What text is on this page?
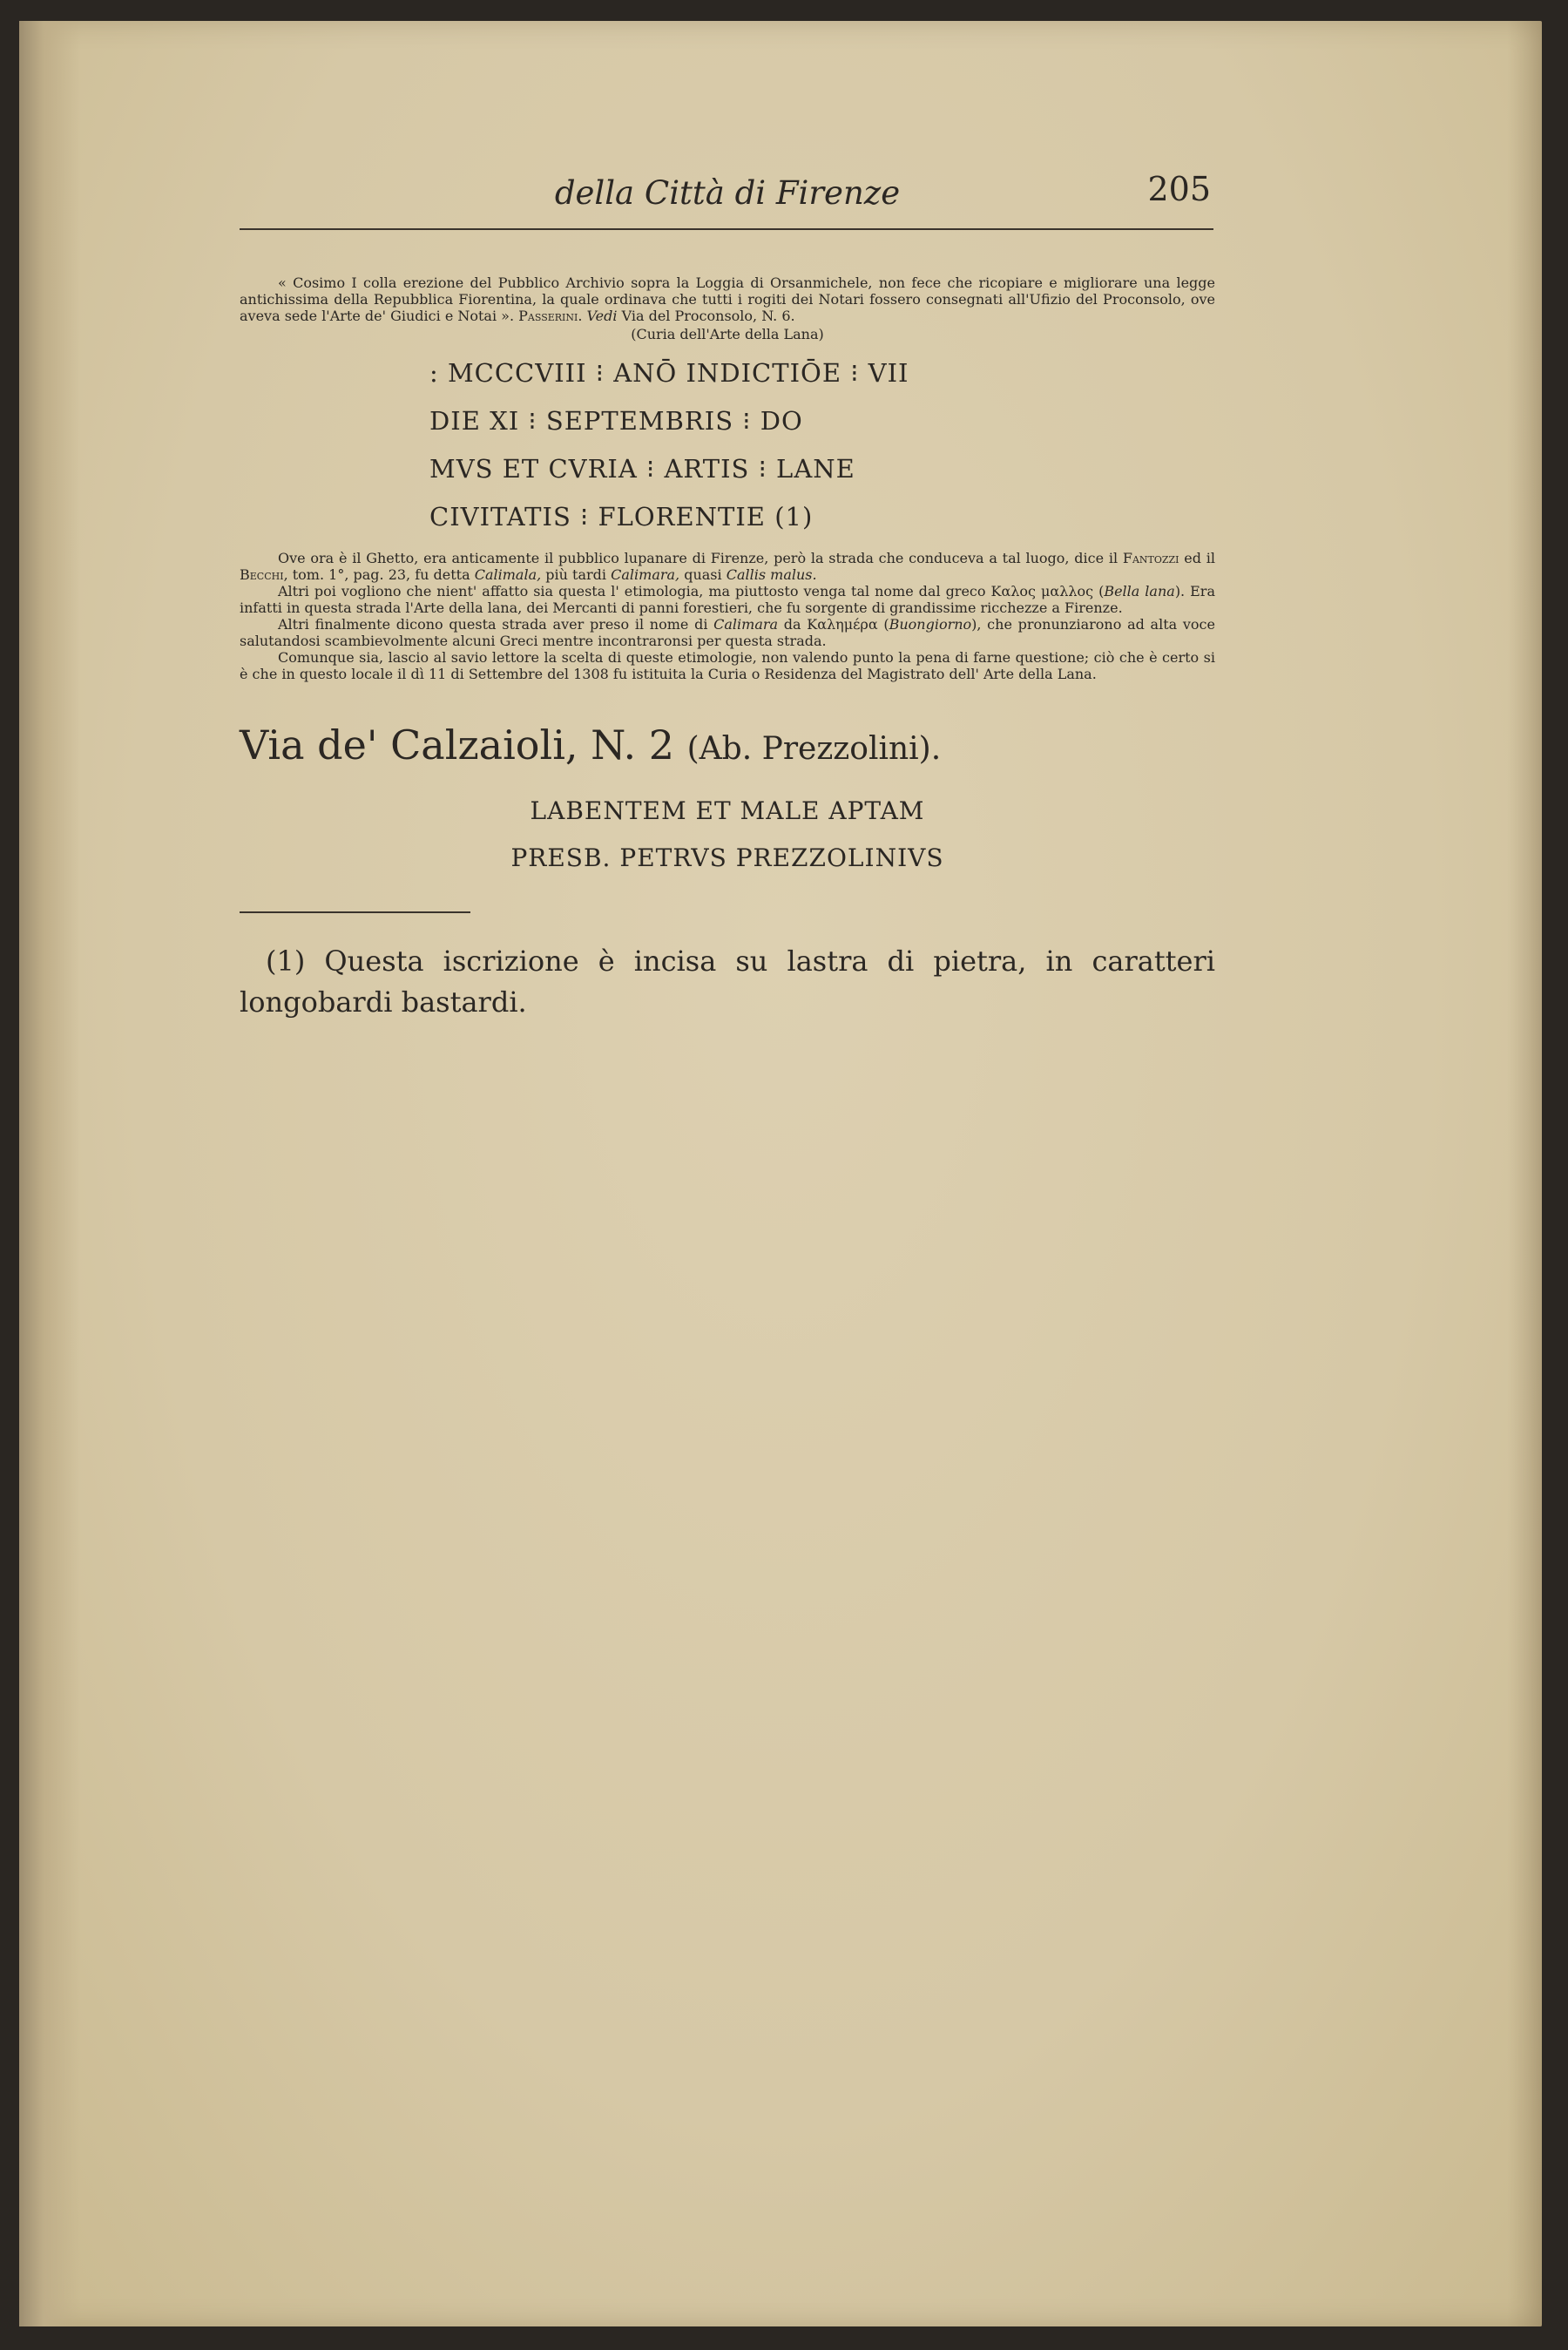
della Città di Firenze	205

« Cosimo I colla erezione del Pubblico Archivio sopra la Loggia di Orsanmichele, non fece che ricopiare e migliorare una legge antichissima della Repubblica Fiorentina, la quale ordinava che tutti i rogiti dei Notari fossero consegnati all'Ufizio del Proconsolo, ove aveva sede l'Arte de' Giudici e Notai ». Passerini. Vedi Via del Proconsolo, N. 6.

(Curia dell'Arte della Lana)

: MCCCVIII ⁝ ANŌ INDICTIŌE ⁝ VII
DIE XI ⁝ SEPTEMBRIS ⁝ DO
MVS ET CVRIA ⁝ ARTIS ⁝ LANE
CIVITATIS ⁝ FLORENTIE (1)

Ove ora è il Ghetto, era anticamente il pubblico lupanare di Firenze, però la strada che conduceva a tal luogo, dice il Fantozzi ed il Becchi, tom. 1°, pag. 23, fu detta Calimala, più tardi Calimara, quasi Callis malus.

Altri poi vogliono che nient' affatto sia questa l' etimologia, ma piuttosto venga tal nome dal greco Καλος μαλλος (Bella lana). Era infatti in questa strada l'Arte della lana, dei Mercanti di panni forestieri, che fu sorgente di grandissime ricchezze a Firenze.

Altri finalmente dicono questa strada aver preso il nome di Calimara da Καλημέρα (Buongiorno), che pronunziarono ad alta voce salutandosi scambievolmente alcuni Greci mentre incontraronsi per questa strada.

Comunque sia, lascio al savio lettore la scelta di queste etimologie, non valendo punto la pena di farne questione; ciò che è certo si è che in questo locale il dì 11 di Settembre del 1308 fu istituita la Curia o Residenza del Magistrato dell' Arte della Lana.

Via de' Calzaioli, N. 2 (Ab. Prezzolini).
LABENTEM ET MALE APTAM
PRESB. PETRVS PREZZOLINIVS

(1) Questa iscrizione è incisa su lastra di pietra, in caratteri longobardi bastardi.
